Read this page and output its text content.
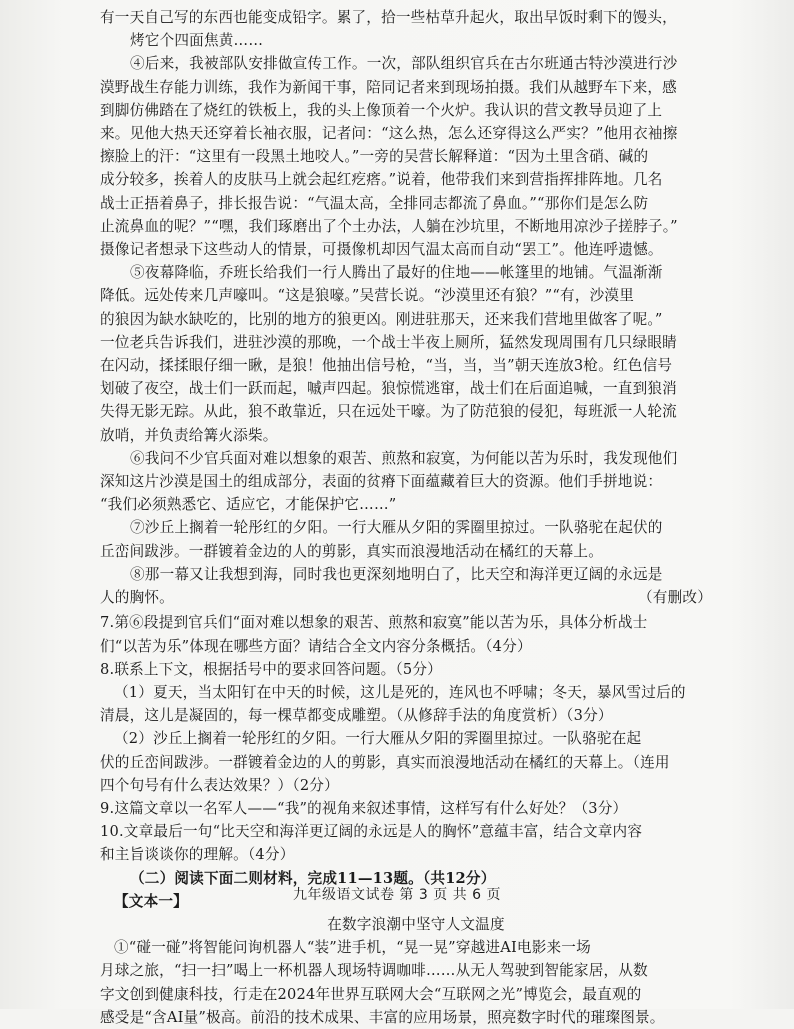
有一天自己写的东西也能变成铅字。累了，拾一些枯草升起火，取出早饭时剩下的馒头，
烤它个四面焦黄……
④后来，我被部队安排做宣传工作。一次，部队组织官兵在古尔班通古特沙漠进行沙
漠野战生存能力训练，我作为新闻干事，陪同记者来到现场拍摄。我们从越野车下来，感
到脚仿佛踏在了烧红的铁板上，我的头上像顶着一个火炉。我认识的营文教导员迎了上
来。见他大热天还穿着长袖衣服，记者问：“这么热，怎么还穿得这么严实？”他用衣袖擦
擦脸上的汗：“这里有一段黑土地咬人。”一旁的吴营长解释道：“因为土里含硝、碱的
成分较多，挨着人的皮肤马上就会起红疙瘩。”说着，他带我们来到营指挥排阵地。几名
战士正捂着鼻子，排长报告说：“气温太高，全排同志都流了鼻血。”“那你们是怎么防
止流鼻血的呢？”“嘿，我们琢磨出了个土办法，人躺在沙坑里，不断地用凉沙子搓脖子。”
摄像记者想录下这些动人的情景，可摄像机却因气温太高而自动“罢工”。他连呼遗憾。
⑤夜幕降临，乔班长给我们一行人腾出了最好的住地——帐篷里的地铺。气温渐渐
降低。远处传来几声嚎叫。“这是狼嚎。”吴营长说。“沙漠里还有狼？”“有，沙漠里
的狼因为缺水缺吃的，比别的地方的狼更凶。刚进驻那天，还来我们营地里做客了呢。”
一位老兵告诉我们，进驻沙漠的那晚，一个战士半夜上厕所，猛然发现周围有几只绿眼睛
在闪动，揉揉眼仔细一瞅，是狼！他抽出信号枪，“当，当，当”朝天连放3枪。红色信号
划破了夜空，战士们一跃而起，嘁声四起。狼惊慌逃窜，战士们在后面追喊，一直到狼消
失得无影无踪。从此，狼不敢靠近，只在远处干嚎。为了防范狼的侵犯，每班派一人轮流
放哨，并负责给篝火添柴。
⑥我问不少官兵面对难以想象的艰苦、煎熬和寂寞，为何能以苦为乐时，我发现他们
深知这片沙漠是国土的组成部分，表面的贫瘠下面蕴藏着巨大的资源。他们手拼地说：
“我们必须熟悉它、适应它，才能保护它……”
⑦沙丘上搁着一轮彤红的夕阳。一行大雁从夕阳的霁圈里掠过。一队骆驼在起伏的
丘峦间跋涉。一群镀着金边的人的剪影，真实而浪漫地活动在橘红的天幕上。
⑧那一幕又让我想到海，同时我也更深刻地明白了，比天空和海洋更辽阔的永远是
人的胸怀。	（有删改）
7.第⑥段提到官兵们“面对难以想象的艰苦、煎熬和寂寞”能以苦为乐，具体分析战士
们“以苦为乐”体现在哪些方面？请结合全文内容分条概括。（4分）
8.联系上下文，根据括号中的要求回答问题。（5分）
（1）夏天，当太阳钉在中天的时候，这儿是死的，连风也不呼啸；冬天，暴风雪过后的
清晨，这儿是凝固的，每一棵草都变成雕塑。（从修辞手法的角度赏析）（3分）
（2）沙丘上搁着一轮彤红的夕阳。一行大雁从夕阳的霁圈里掠过。一队骆驼在起
伏的丘峦间跋涉。一群镀着金边的人的剪影，真实而浪漫地活动在橘红的天幕上。（连用
四个句号有什么表达效果？）（2分）
9.这篇文章以一名军人——“我”的视角来叙述事情，这样写有什么好处？（3分）
10.文章最后一句“比天空和海洋更辽阔的永远是人的胸怀”意蕴丰富，结合文章内容
和主旨谈谈你的理解。（4分）
（二）阅读下面二则材料，完成11—13题。（共12分）
【文本一】
在数字浪潮中坚守人文温度
①“碰一碰”将智能问询机器人“装”进手机，“晃一晃”穿越进AI电影来一场
月球之旅，“扫一扫”喝上一杯机器人现场特调咖啡……从无人驾驶到智能家居，从数
字文创到健康科技，行走在2024年世界互联网大会“互联网之光”博览会，最直观的
感受是“含AI量”极高。前沿的技术成果、丰富的应用场景，照亮数字时代的璀璨图景。
九年级语文试卷 第 3 页 共 6 页
